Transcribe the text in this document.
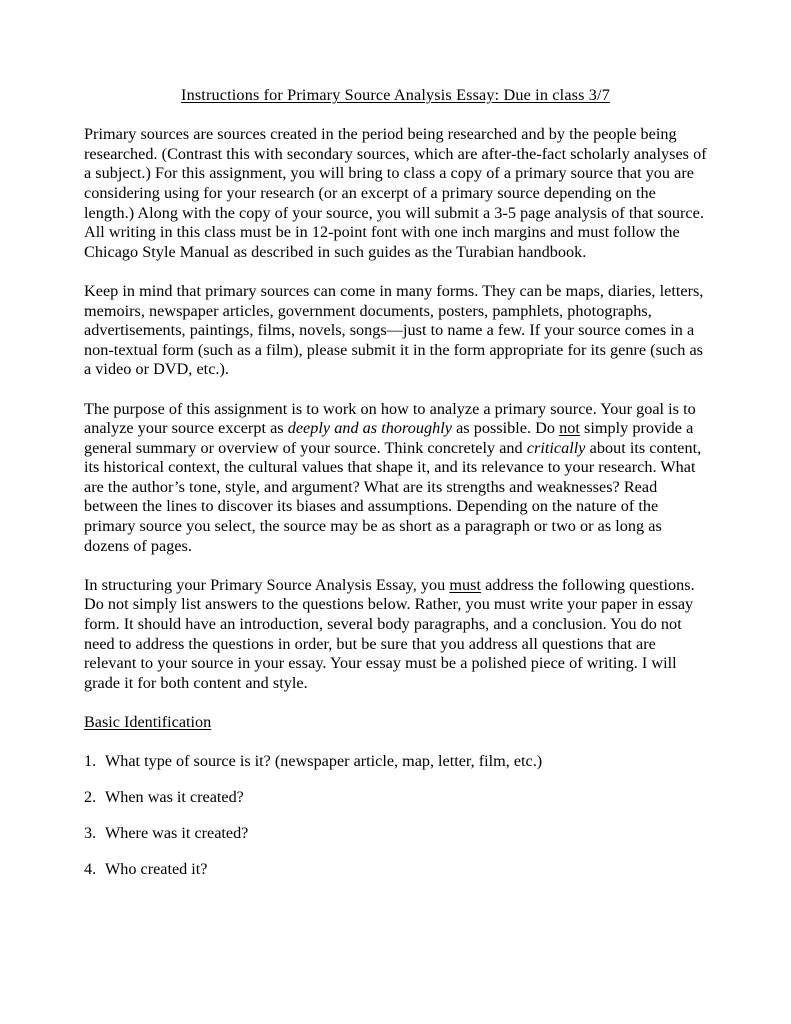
Instructions for Primary Source Analysis Essay: Due in class 3/7

Primary sources are sources created in the period being researched and by the people being researched. (Contrast this with secondary sources, which are after-the-fact scholarly analyses of a subject.) For this assignment, you will bring to class a copy of a primary source that you are considering using for your research (or an excerpt of a primary source depending on the length.) Along with the copy of your source, you will submit a 3-5 page analysis of that source. All writing in this class must be in 12-point font with one inch margins and must follow the Chicago Style Manual as described in such guides as the Turabian handbook.

Keep in mind that primary sources can come in many forms. They can be maps, diaries, letters, memoirs, newspaper articles, government documents, posters, pamphlets, photographs, advertisements, paintings, films, novels, songs—just to name a few. If your source comes in a non-textual form (such as a film), please submit it in the form appropriate for its genre (such as a video or DVD, etc.).

The purpose of this assignment is to work on how to analyze a primary source. Your goal is to analyze your source excerpt as deeply and as thoroughly as possible. Do not simply provide a general summary or overview of your source. Think concretely and critically about its content, its historical context, the cultural values that shape it, and its relevance to your research. What are the author’s tone, style, and argument? What are its strengths and weaknesses? Read between the lines to discover its biases and assumptions. Depending on the nature of the primary source you select, the source may be as short as a paragraph or two or as long as dozens of pages.

In structuring your Primary Source Analysis Essay, you must address the following questions. Do not simply list answers to the questions below. Rather, you must write your paper in essay form. It should have an introduction, several body paragraphs, and a conclusion. You do not need to address the questions in order, but be sure that you address all questions that are relevant to your source in your essay. Your essay must be a polished piece of writing. I will grade it for both content and style.

Basic Identification
1. What type of source is it? (newspaper article, map, letter, film, etc.)
2. When was it created?
3. Where was it created?
4. Who created it?
